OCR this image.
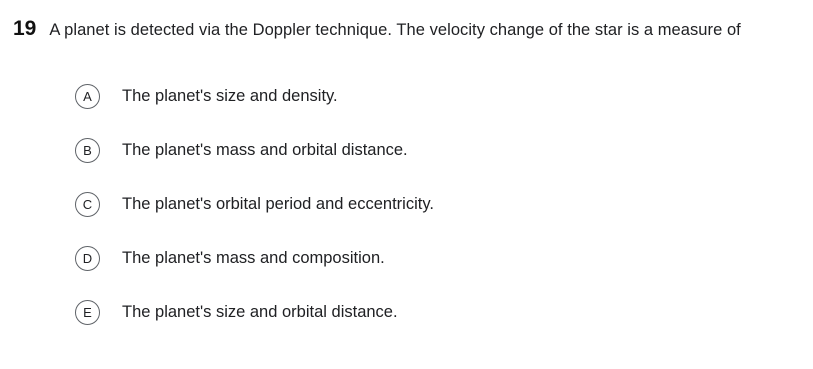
19 A planet is detected via the Doppler technique. The velocity change of the star is a measure of
A	The planet's size and density.
B	The planet's mass and orbital distance.
C	The planet's orbital period and eccentricity.
D	The planet's mass and composition.
E	The planet's size and orbital distance.
